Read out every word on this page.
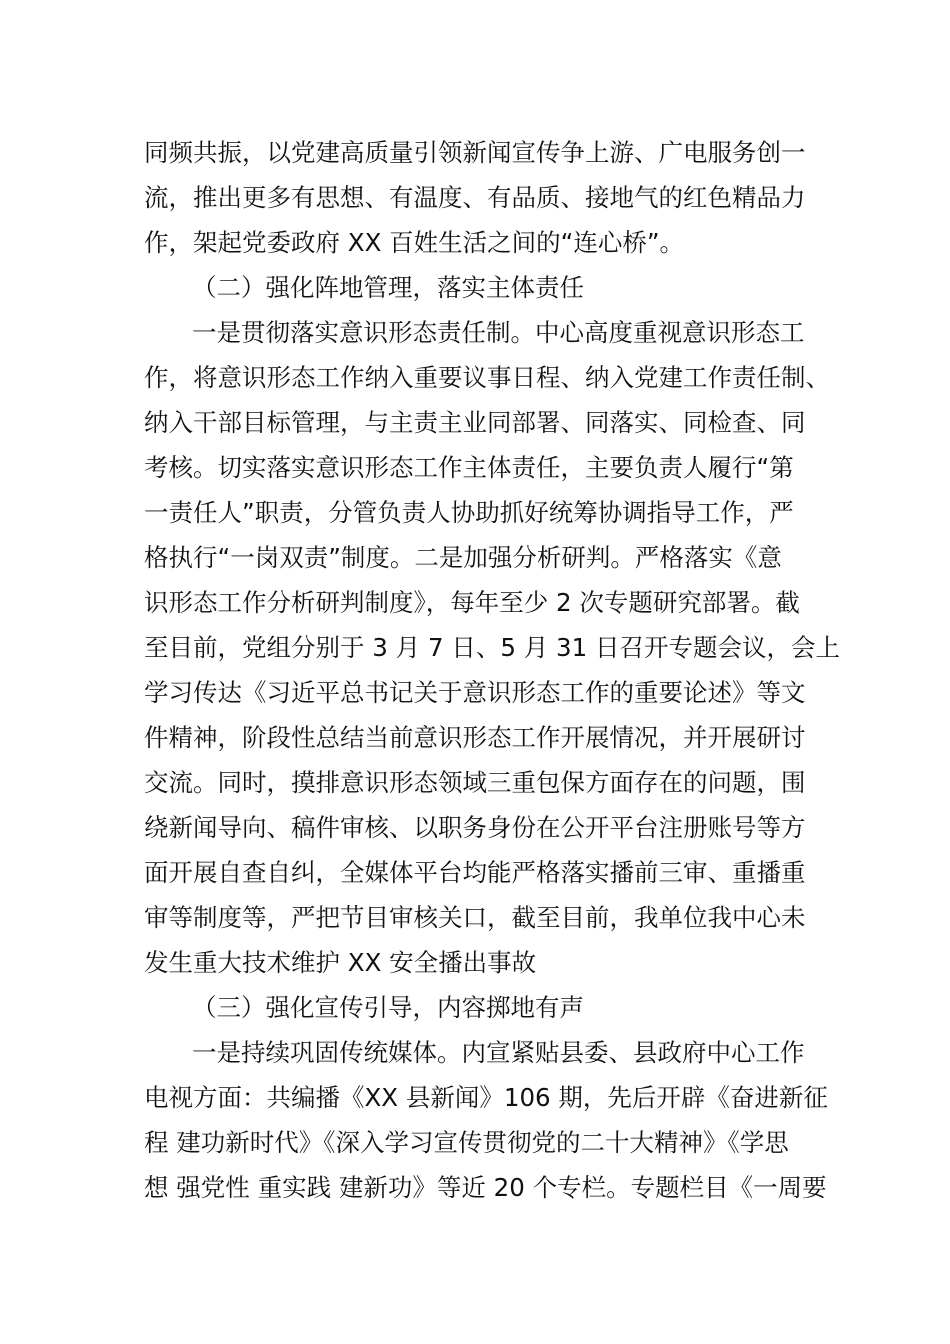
同频共振，以党建高质量引领新闻宣传争上游、广电服务创一
流，推出更多有思想、有温度、有品质、接地气的红色精品力
作，架起党委政府 XX 百姓生活之间的“连心桥”。
（二）强化阵地管理，落实主体责任
一是贯彻落实意识形态责任制。中心高度重视意识形态工
作，将意识形态工作纳入重要议事日程、纳入党建工作责任制、
纳入干部目标管理，与主责主业同部署、同落实、同检查、同
考核。切实落实意识形态工作主体责任，主要负责人履行“第
一责任人”职责，分管负责人协助抓好统筹协调指导工作，严
格执行“一岗双责”制度。二是加强分析研判。严格落实《意
识形态工作分析研判制度》，每年至少 2 次专题研究部署。截
至目前，党组分别于 3 月 7 日、5 月 31 日召开专题会议，会上
学习传达《习近平总书记关于意识形态工作的重要论述》等文
件精神，阶段性总结当前意识形态工作开展情况，并开展研讨
交流。同时，摸排意识形态领域三重包保方面存在的问题，围
绕新闻导向、稿件审核、以职务身份在公开平台注册账号等方
面开展自查自纠，全媒体平台均能严格落实播前三审、重播重
审等制度等，严把节目审核关口，截至目前，我单位我中心未
发生重大技术维护 XX 安全播出事故
（三）强化宣传引导，内容掷地有声
一是持续巩固传统媒体。内宣紧贴县委、县政府中心工作
电视方面：共编播《XX 县新闻》106 期，先后开辟《奋进新征
程 建功新时代》《深入学习宣传贯彻党的二十大精神》《学思
想 强党性 重实践 建新功》等近 20 个专栏。专题栏目《一周要
